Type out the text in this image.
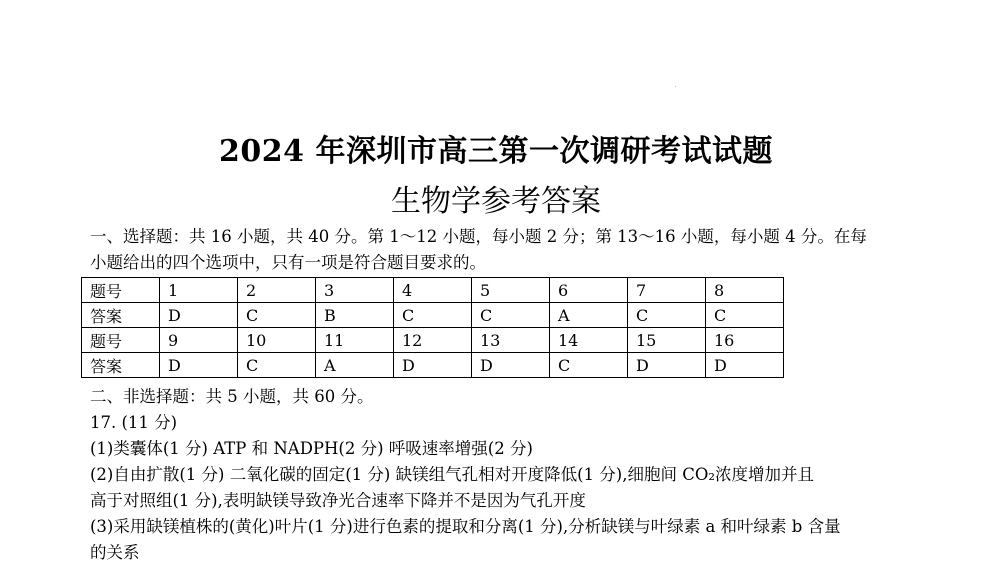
2024 年深圳市高三第一次调研考试试题
生物学参考答案
一、选择题：共 16 小题，共 40 分。第 1～12 小题，每小题 2 分；第 13～16 小题，每小题 4 分。在每
小题给出的四个选项中，只有一项是符合题目要求的。
题号	1	2	3	4	5	6	7	8
答案	D	C	B	C	C	A	C	C
题号	9	10	11	12	13	14	15	16
答案	D	C	A	D	D	C	D	D
二、非选择题：共 5 小题，共 60 分。
17. (11 分)
(1)类囊体(1 分) ATP 和 NADPH(2 分) 呼吸速率增强(2 分)
(2)自由扩散(1 分) 二氧化碳的固定(1 分) 缺镁组气孔相对开度降低(1 分),细胞间 CO₂浓度增加并且
高于对照组(1 分),表明缺镁导致净光合速率下降并不是因为气孔开度
(3)采用缺镁植株的(黄化)叶片(1 分)进行色素的提取和分离(1 分),分析缺镁与叶绿素 a 和叶绿素 b 含量
的关系
